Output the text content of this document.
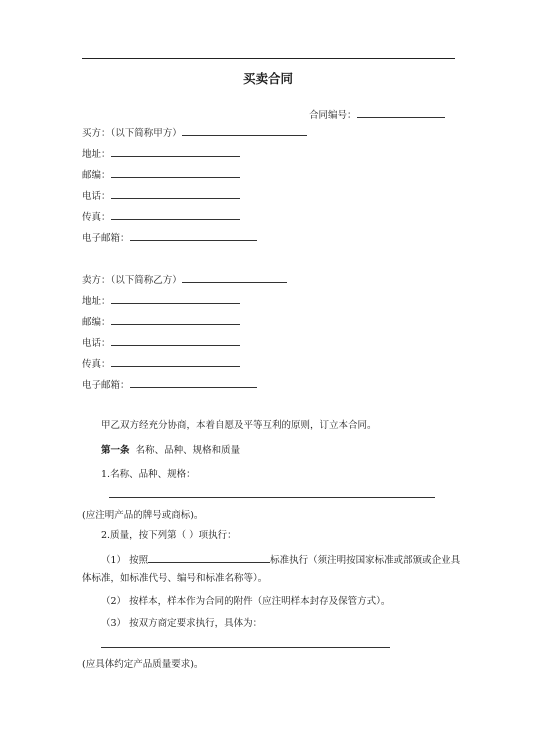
买卖合同
合同编号：
买方：（以下简称甲方）
地址：
邮编：
电话：
传真：
电子邮箱：
卖方：（以下简称乙方）
地址：
邮编：
电话：
传真：
电子邮箱：
甲乙双方经充分协商，本着自愿及平等互利的原则，订立本合同。
第一条 名称、品种、规格和质量
1.名称、品种、规格：
(应注明产品的牌号或商标)。
2.质量，按下列第（ ）项执行：
（1） 按照	标准执行（须注明按国家标准或部颁或企业具
体标准，如标准代号、编号和标准名称等）。
（2） 按样本，样本作为合同的附件（应注明样本封存及保管方式）。
（3） 按双方商定要求执行，具体为：
(应具体约定产品质量要求)。
